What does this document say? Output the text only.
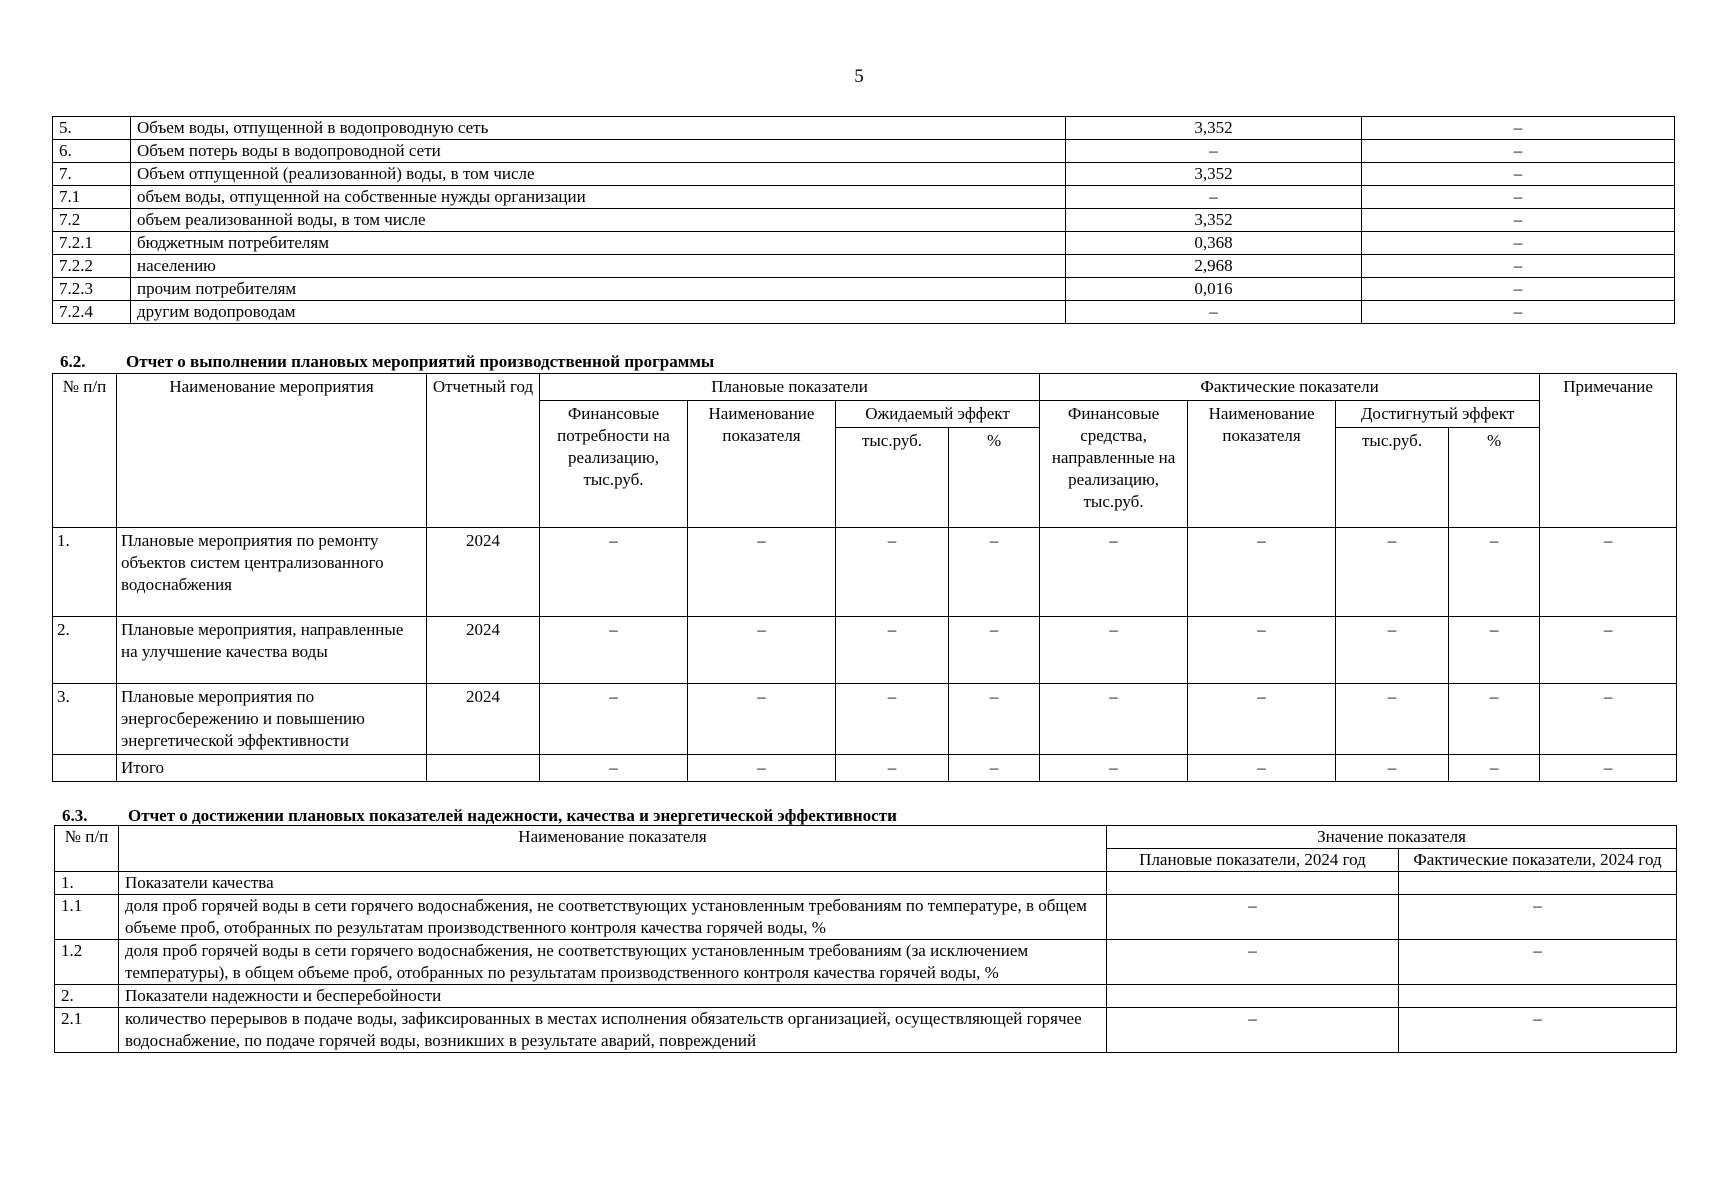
5
5.	Объем воды, отпущенной в водопроводную сеть	3,352	–
6.	Объем потерь воды в водопроводной сети	–	–
7.	Объем отпущенной (реализованной) воды, в том числе	3,352	–
7.1	объем воды, отпущенной на собственные нужды организации	–	–
7.2	объем реализованной воды, в том числе	3,352	–
7.2.1	бюджетным потребителям	0,368	–
7.2.2	населению	2,968	–
7.2.3	прочим потребителям	0,016	–
7.2.4	другим водопроводам	–	–
6.2. Отчет о выполнении плановых мероприятий производственной программы
№ п/п	Наименование мероприятия	Отчетный год	Плановые показатели				Фактические показатели				Примечание
			Финансовые потребности на реализацию, тыс.руб.	Наименование показателя	Ожидаемый эффект		Финансовые средства, направленные на реализацию, тыс.руб.	Наименование показателя	Достигнутый эффект		
					тыс.руб.	%			тыс.руб.	%	
1.	Плановые мероприятия по ремонту объектов систем централизованного водоснабжения	2024	–	–	–	–	–	–	–	–	–
2.	Плановые мероприятия, направленные на улучшение качества воды	2024	–	–	–	–	–	–	–	–	–
3.	Плановые мероприятия по энергосбережению и повышению энергетической эффективности	2024	–	–	–	–	–	–	–	–	–
	Итого		–	–	–	–	–	–	–	–	–
6.3. Отчет о достижении плановых показателей надежности, качества и энергетической эффективности
№ п/п	Наименование показателя	Значение показателя	
		Плановые показатели, 2024 год	Фактические показатели, 2024 год
1.	Показатели качества		
1.1	доля проб горячей воды в сети горячего водоснабжения, не соответствующих установленным требованиям по температуре, в общем объеме проб, отобранных по результатам производственного контроля качества горячей воды, %	–	–
1.2	доля проб горячей воды в сети горячего водоснабжения, не соответствующих установленным требованиям (за исключением температуры), в общем объеме проб, отобранных по результатам производственного контроля качества горячей воды, %	–	–
2.	Показатели надежности и бесперебойности		
2.1	количество перерывов в подаче воды, зафиксированных в местах исполнения обязательств организацией, осуществляющей горячее водоснабжение, по подаче горячей воды, возникших в результате аварий, повреждений	–	–
